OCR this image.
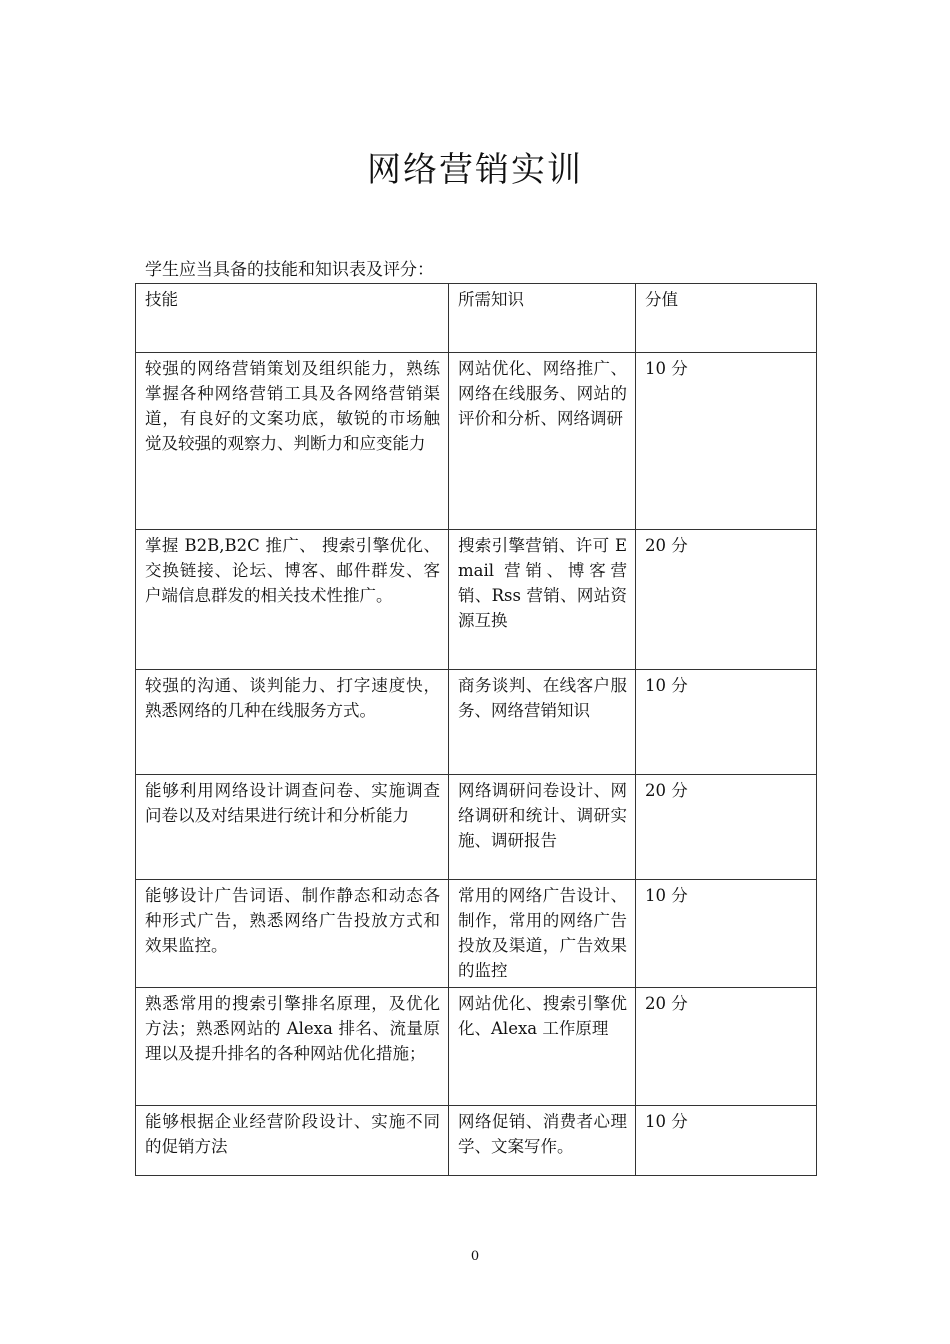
网络营销实训
学生应当具备的技能和知识表及评分：
技能	所需知识	分值
较强的网络营销策划及组织能力，熟练掌握各种网络营销工具及各网络营销渠道，有良好的文案功底，敏锐的市场触觉及较强的观察力、判断力和应变能力	网站优化、网络推广、网络在线服务、网站的评价和分析、网络调研	10 分
掌握 B2B,B2C 推广、 搜索引擎优化、交换链接、论坛、博客、邮件群发、客户端信息群发的相关技术性推广。	搜索引擎营销、许可 Email 营销、博客营销、Rss 营销、网站资源互换	20 分
较强的沟通、谈判能力、打字速度快，熟悉网络的几种在线服务方式。	商务谈判、在线客户服务、网络营销知识	10 分
能够利用网络设计调查问卷、实施调查问卷以及对结果进行统计和分析能力	网络调研问卷设计、网络调研和统计、调研实施、调研报告	20 分
能够设计广告词语、制作静态和动态各种形式广告，熟悉网络广告投放方式和效果监控。	常用的网络广告设计、制作，常用的网络广告投放及渠道，广告效果的监控	10 分
熟悉常用的搜索引擎排名原理，及优化方法；熟悉网站的 Alexa 排名、流量原理以及提升排名的各种网站优化措施；	网站优化、搜索引擎优化、Alexa 工作原理	20 分
能够根据企业经营阶段设计、实施不同的促销方法	网络促销、消费者心理学、文案写作。	10 分
0
